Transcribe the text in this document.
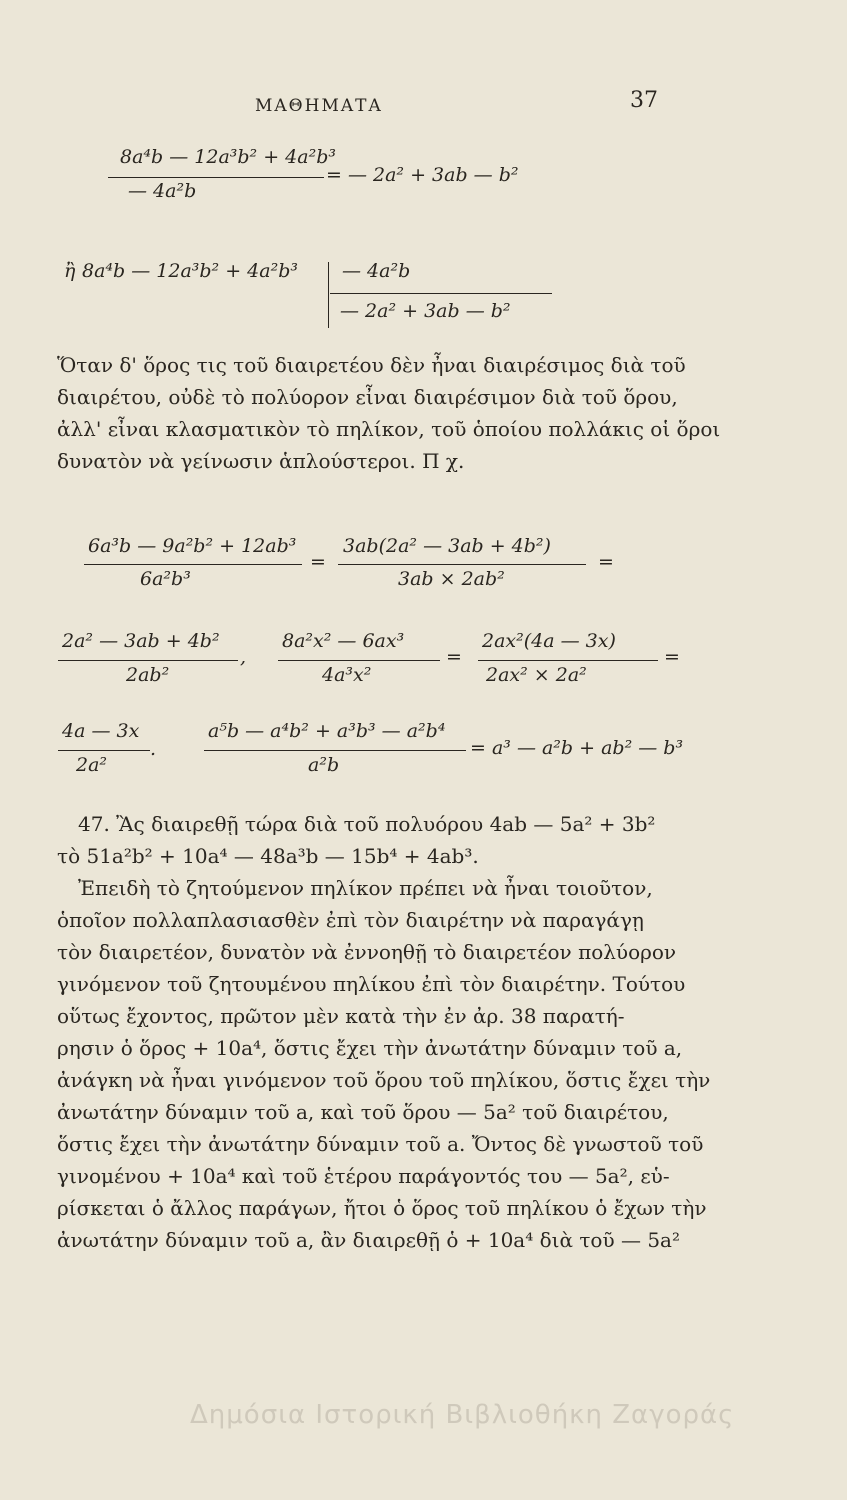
ΜΑΘΗΜΑΤΑ	37
8a⁴b — 12a³b² + 4a²b³
— 4a²b
= — 2a² + 3ab — b²
ἢ 8a⁴b — 12a³b² + 4a²b³ — 4a²b
— 2a² + 3ab — b²
Ὅταν δ' ὅρος τις τοῦ διαιρετέου δὲν ἦναι διαιρέσιμος διὰ τοῦ
διαιρέτου, οὐδὲ τὸ πολύορον εἶναι διαιρέσιμον διὰ τοῦ ὅρου,
ἀλλ' εἶναι κλασματικὸν τὸ πηλίκον, τοῦ ὁποίου πολλάκις οἱ ὅροι
δυνατὸν νὰ γείνωσιν ἁπλούστεροι. Π χ.
6a³b — 9a²b² + 12ab³
6a²b³
=
3ab(2a² — 3ab + 4b²)
3ab × 2ab²
=
2a² — 3ab + 4b²
2ab²
,
8a²x² — 6ax³
4a³x²
=
2ax²(4a — 3x)
2ax² × 2a²
=
4a — 3x
2a²
.
a⁵b — a⁴b² + a³b³ — a²b⁴
a²b
= a³ — a²b + ab² — b³
47. Ἂς διαιρεθῇ τώρα διὰ τοῦ πολυόρου 4ab — 5a² + 3b²
τὸ 51a²b² + 10a⁴ — 48a³b — 15b⁴ + 4ab³.
Ἐπειδὴ τὸ ζητούμενον πηλίκον πρέπει νὰ ἦναι τοιοῦτον,
ὁποῖον πολλαπλασιασθὲν ἐπὶ τὸν διαιρέτην νὰ παραγάγῃ
τὸν διαιρετέον, δυνατὸν νὰ ἐννοηθῇ τὸ διαιρετέον πολύορον
γινόμενον τοῦ ζητουμένου πηλίκου ἐπὶ τὸν διαιρέτην. Τούτου
οὕτως ἔχοντος, πρῶτον μὲν κατὰ τὴν ἐν ἀρ. 38 παρατή-
ρησιν ὁ ὅρος + 10a⁴, ὅστις ἔχει τὴν ἀνωτάτην δύναμιν τοῦ a,
ἀνάγκη νὰ ἦναι γινόμενον τοῦ ὅρου τοῦ πηλίκου, ὅστις ἔχει τὴν
ἀνωτάτην δύναμιν τοῦ a, καὶ τοῦ ὅρου — 5a² τοῦ διαιρέτου,
ὅστις ἔχει τὴν ἀνωτάτην δύναμιν τοῦ a. Ὄντος δὲ γνωστοῦ τοῦ
γινομένου + 10a⁴ καὶ τοῦ ἑτέρου παράγοντός του — 5a², εὑ-
ρίσκεται ὁ ἄλλος παράγων, ἤτοι ὁ ὅρος τοῦ πηλίκου ὁ ἔχων τὴν
ἀνωτάτην δύναμιν τοῦ a, ἂν διαιρεθῇ ὁ + 10a⁴ διὰ τοῦ — 5a²
Δημόσια Ιστορική Βιβλιοθήκη Ζαγοράς
